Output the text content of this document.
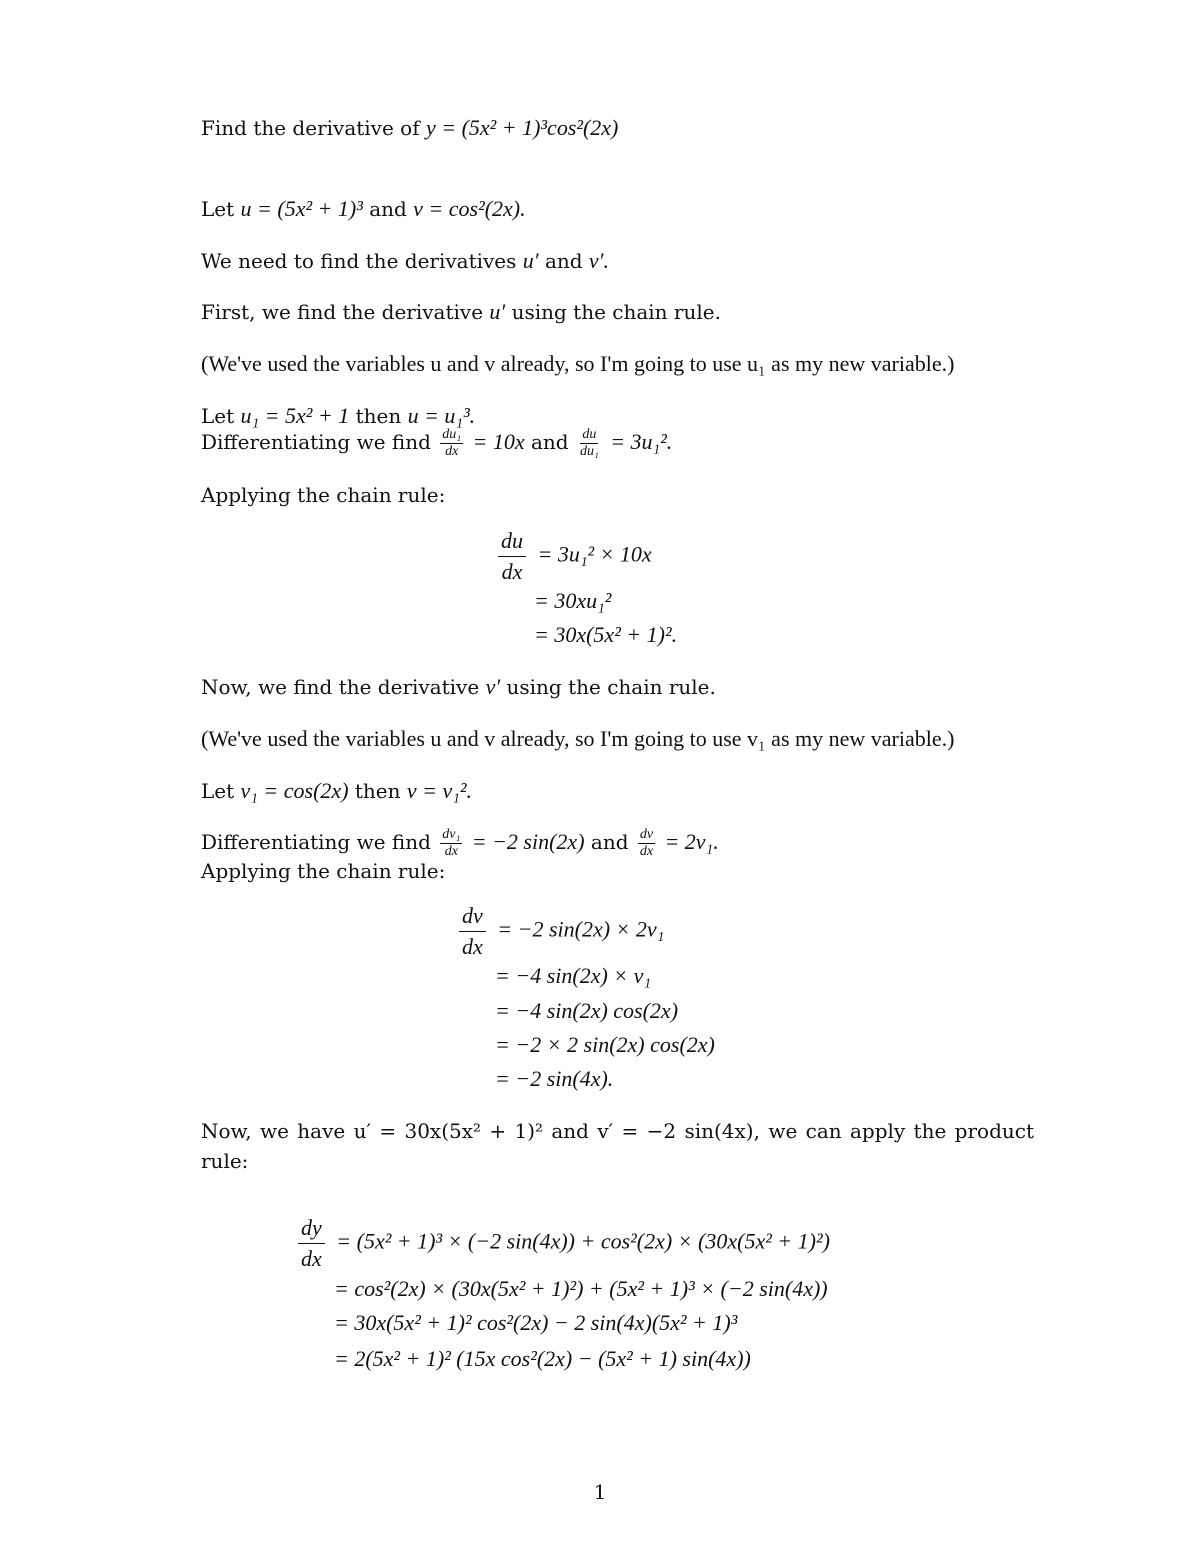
Find the derivative of y = (5x² + 1)³cos²(2x)
Let u = (5x² + 1)³ and v = cos²(2x).
We need to find the derivatives u′ and v′.
First, we find the derivative u′ using the chain rule.
(We've used the variables u and v already, so I'm going to use u₁ as my new variable.)
Let u₁ = 5x² + 1 then u = u₁³.
Differentiating we find $\frac{\text{du₁}}{dx} = 10x$ and $\frac{du}{\text{du₁}} = 3u_1^2$.
Applying the chain rule:
$\frac{du}{dx} = 3u_1^2 \times 10x$
= 30xu₁²
= 30x(5x² + 1)².
Now, we find the derivative v′ using the chain rule.
(We've used the variables u and v already, so I'm going to use v₁ as my new variable.)
Let v₁ = cos(2x) then v = v₁².
Differentiating we find $\frac{\text{dv₁}}{dx} = -2$ sin(2x) and $\frac{dv}{dx} = 2v_1$.
Applying the chain rule:
$\frac{dv}{dx} = -2$ sin(2x) × 2v₁
= −4 sin(2x) × v₁
= −4 sin(2x) cos(2x)
= −2 × 2 sin(2x) cos(2x)
= −2 sin(4x).
Now, we have u′ = 30x(5x² + 1)² and v′ = −2 sin(4x), we can apply the product rule:
$\frac{dy}{dx} = (5x^2 + 1)^3 \times (-2$ sin(4x)) + cos²(2x) × (30x(5x² + 1)²)
= cos²(2x) × (30x(5x² + 1)²) + (5x² + 1)³ × (−2 sin(4x))
= 30x(5x² + 1)² cos²(2x) − 2 sin(4x)(5x² + 1)³
= 2(5x² + 1)² (15x cos²(2x) − (5x² + 1) sin(4x))
1
